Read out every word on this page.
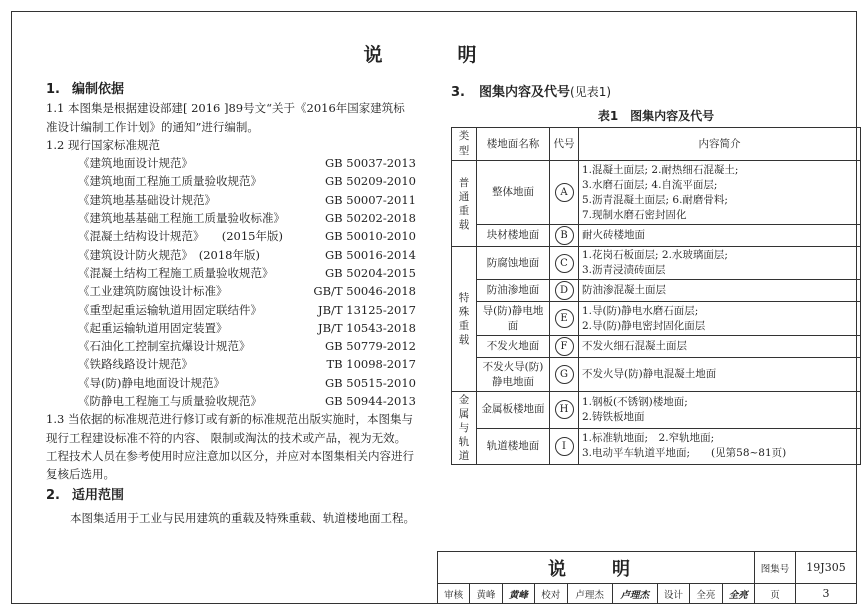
说　明
1. 编制依据

1.1 本图集是根据建设部建[ 2016 ]89号文“关于《2016年国家建筑标准设计编制工作计划》的通知”进行编制。

1.2 现行国家标准规范

《建筑地面设计规范》	GB 50037-2013
《建筑地面工程施工质量验收规范》	GB 50209-2010
《建筑地基基础设计规范》	GB 50007-2011
《建筑地基基础工程施工质量验收标准》	GB 50202-2018
《混凝土结构设计规范》　　(2015年版)	GB 50010-2010
《建筑设计防火规范》　(2018年版)	GB 50016-2014
《混凝土结构工程施工质量验收规范》	GB 50204-2015
《工业建筑防腐蚀设计标准》	GB/T 50046-2018
《重型起重运输轨道用固定联结件》	JB/T 13125-2017
《起重运输轨道用固定装置》	JB/T 10543-2018
《石油化工控制室抗爆设计规范》	GB 50779-2012
《铁路线路设计规范》	TB 10098-2017
《导(防)静电地面设计规范》	GB 50515-2010
《防静电工程施工与质量验收规范》	GB 50944-2013

1.3 当依据的标准规范进行修订或有新的标准规范出版实施时，本图集与现行工程建设标准不符的内容、 限制或淘汰的技术或产品，视为无效。工程技术人员在参考使用时应注意加以区分，并应对本图集相关内容进行复核后选用。

2. 适用范围

本图集适用于工业与民用建筑的重载及特殊重载、轨道楼地面工程。

3. 图集内容及代号(见表1)
表1　图集内容及代号
类型	楼地面名称	代号	内容简介
普通重载	整体地面	A	1.混凝土面层; 2.耐热细石混凝土;
3.水磨石面层; 4.自流平面层;
5.沥青混凝土面层; 6.耐磨骨料;
7.现制水磨石密封固化

	块材楼地面	B	耐火砖楼地面

特殊重载	防腐蚀地面	C	1.花岗石板面层; 2.水玻璃面层;
3.沥青浸渍砖面层

	防油渗地面	D	防油渗混凝土面层

	导(防)静电地面	E	1.导(防)静电水磨石面层;
2.导(防)静电密封固化面层

	不发火地面	F	不发火细石混凝土面层

	不发火导(防)静电地面	G	不发火导(防)静电混凝土地面

金属与轨道	金属板楼地面	H	1.钢板(不锈钢)楼地面;
2.铸铁板地面

	轨道楼地面	I	1.标准轨地面;　2.窄轨地面;
3.电动平车轨道平地面;　　(见第58~81页)
说　明									图集号	19J305
审核	黄峰	黄峰	校对	卢理杰	卢理杰	设计	全亮	全亮	页	3
